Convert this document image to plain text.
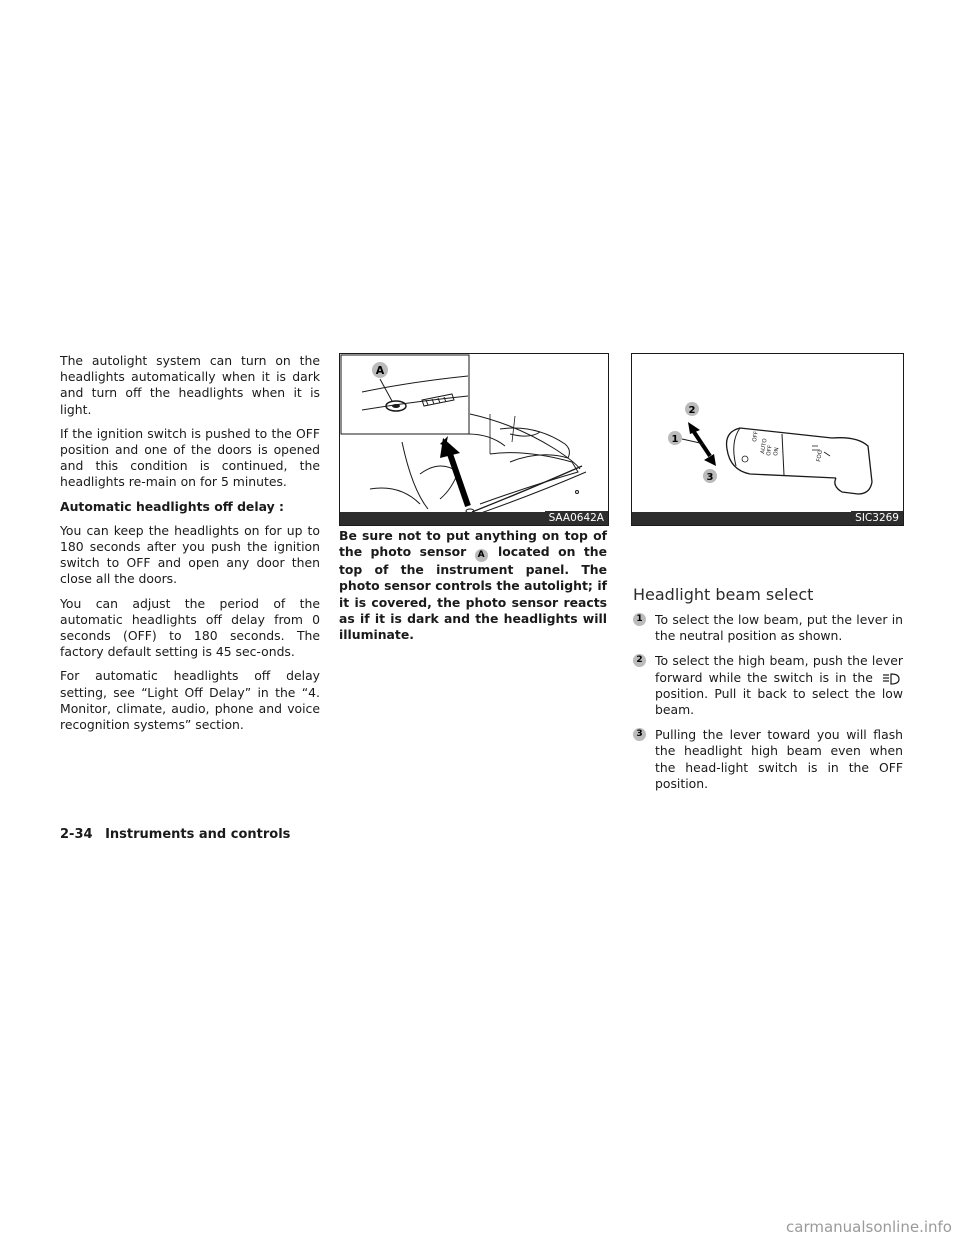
The autolight system can turn on the headlights automatically when it is dark and turn off the headlights when it is light.

If the ignition switch is pushed to the OFF position and one of the doors is opened and this condition is continued, the headlights re-main on for 5 minutes.

Automatic headlights off delay :

You can keep the headlights on for up to 180 seconds after you push the ignition switch to OFF and open any door then close all the doors.

You can adjust the period of the automatic headlights off delay from 0 seconds (OFF) to 180 seconds. The factory default setting is 45 sec-onds.

For automatic headlights off delay setting, see “Light Off Delay” in the “4. Monitor, climate, audio, phone and voice recognition systems” section.

A
SAA0642A
Be sure not to put anything on top of the photo sensor A located on the top of the instrument panel. The photo sensor controls the autolight; if it is covered, the photo sensor reacts as if it is dark and the headlights will illuminate.
OFF
AUTO
OFF ON	FOG
2
1
3
SIC3269
Headlight beam select
1 To select the low beam, put the lever in the neutral position as shown.
2 To select the high beam, push the lever forward while the switch is in the  position. Pull it back to select the low beam.
3 Pulling the lever toward you will flash the headlight high beam even when the head-light switch is in the OFF position.
2-34 Instruments and controls
carmanualsonline.info
